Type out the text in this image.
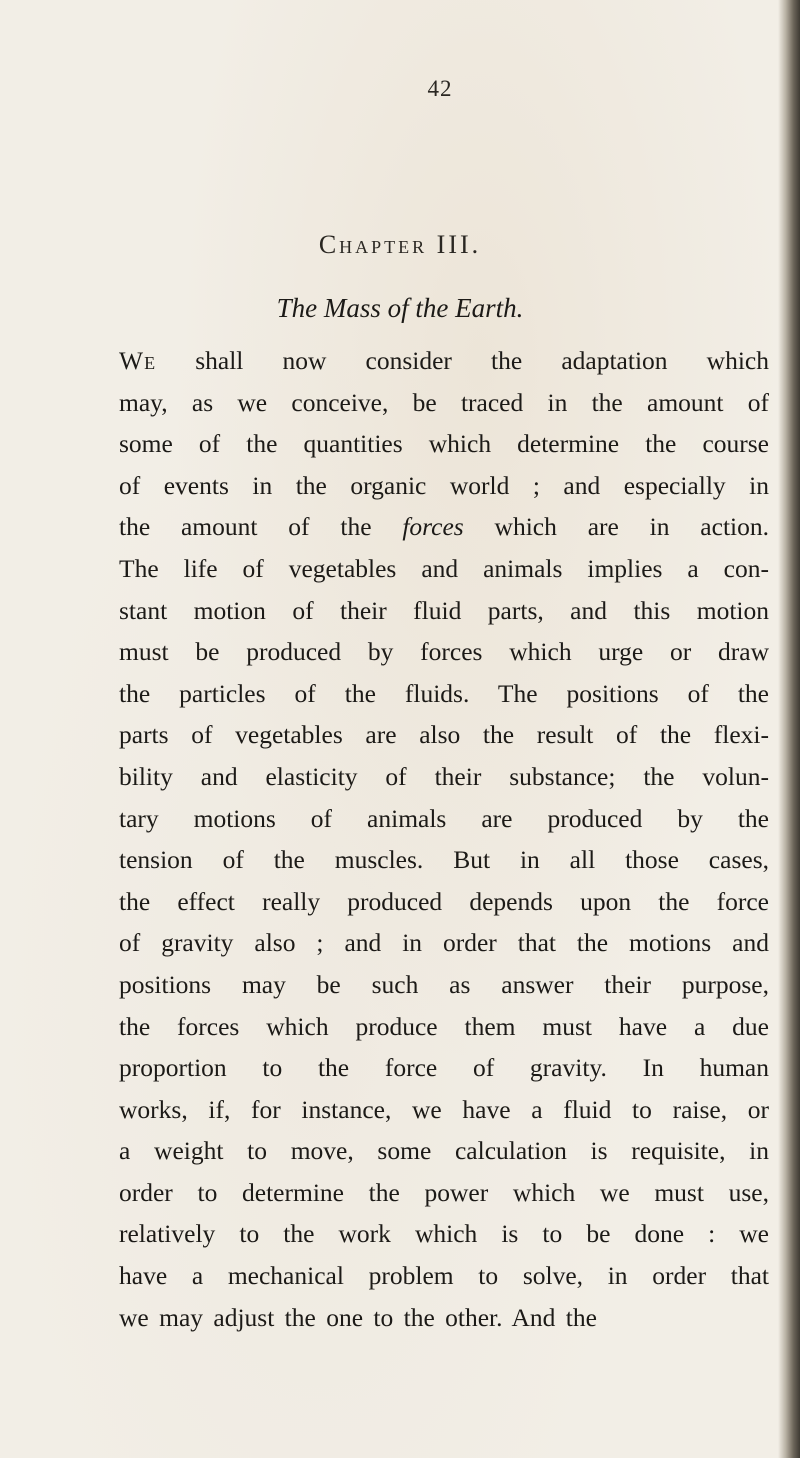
42
Chapter III.
The Mass of the Earth.
We shall now consider the adaptation which
may, as we conceive, be traced in the amount of
some of the quantities which determine the course
of events in the organic world ; and especially in
the amount of the forces which are in action.
The life of vegetables and animals implies a con-
stant motion of their fluid parts, and this motion
must be produced by forces which urge or draw
the particles of the fluids. The positions of the
parts of vegetables are also the result of the flexi-
bility and elasticity of their substance; the volun-
tary motions of animals are produced by the
tension of the muscles. But in all those cases,
the effect really produced depends upon the force
of gravity also ; and in order that the motions and
positions may be such as answer their purpose,
the forces which produce them must have a due
proportion to the force of gravity. In human
works, if, for instance, we have a fluid to raise, or
a weight to move, some calculation is requisite, in
order to determine the power which we must use,
relatively to the work which is to be done : we
have a mechanical problem to solve, in order that
we may adjust the one to the other. And the
